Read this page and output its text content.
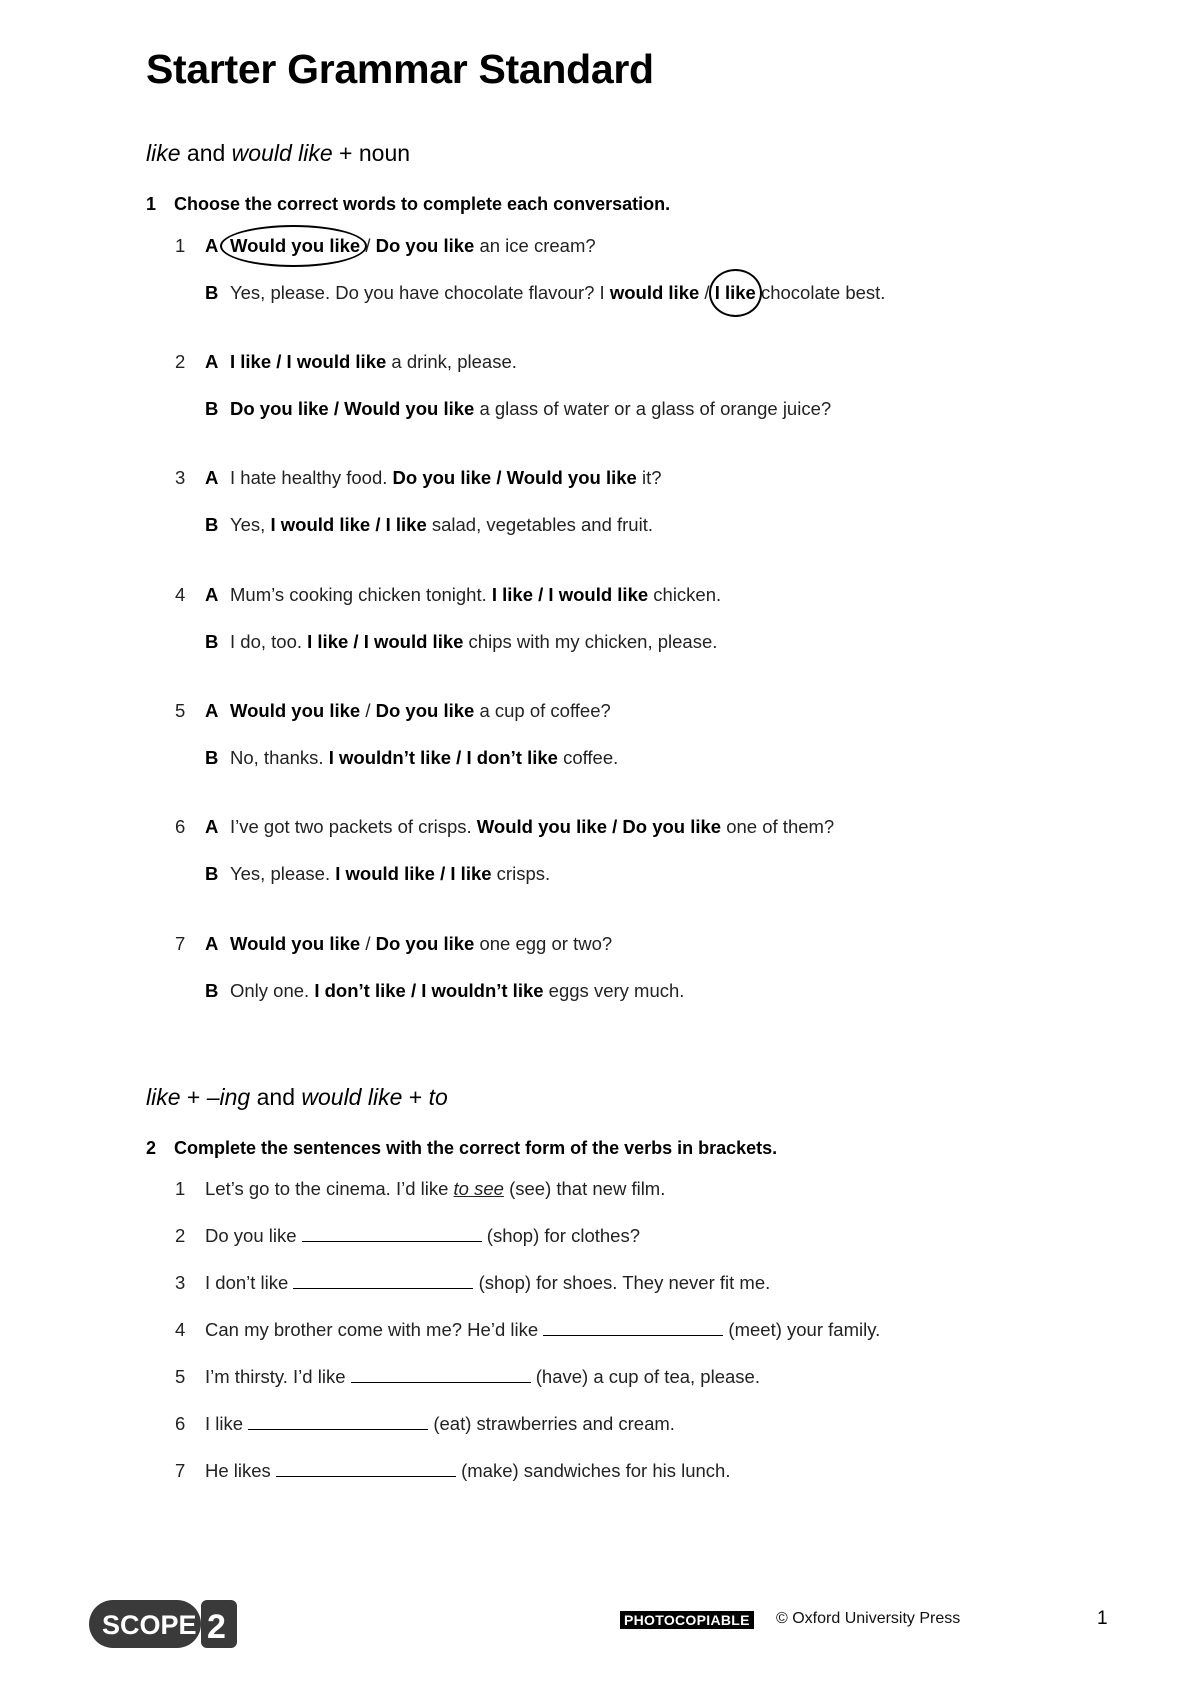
Starter Grammar Standard
like and would like + noun

1 Choose the correct words to complete each conversation.

1 A Would you like / Do you like an ice cream?
B Yes, please. Do you have chocolate flavour? I would like / I like chocolate best.
2 A I like / I would like a drink, please.
B Do you like / Would you like a glass of water or a glass of orange juice?
3 A I hate healthy food. Do you like / Would you like it?
B Yes, I would like / I like salad, vegetables and fruit.
4 A Mum’s cooking chicken tonight. I like / I would like chicken.
B I do, too. I like / I would like chips with my chicken, please.
5 A Would you like / Do you like a cup of coffee?
B No, thanks. I wouldn’t like / I don’t like coffee.
6 A I’ve got two packets of crisps. Would you like / Do you like one of them?
B Yes, please. I would like / I like crisps.
7 A Would you like / Do you like one egg or two?
B Only one. I don’t like / I wouldn’t like eggs very much.
like + –ing and would like + to

2 Complete the sentences with the correct form of the verbs in brackets.

1 Let’s go to the cinema. I’d like to see (see) that new film.
2 Do you like	(shop) for clothes?
3 I don’t like	(shop) for shoes. They never fit me.
4 Can my brother come with me? He’d like	(meet) your family.
5 I’m thirsty. I’d like	(have) a cup of tea, please.
6 I like	(eat) strawberries and cream.
7 He likes	(make) sandwiches for his lunch.
SCOPE 2	PHOTOCOPIABLE © Oxford University Press	1
